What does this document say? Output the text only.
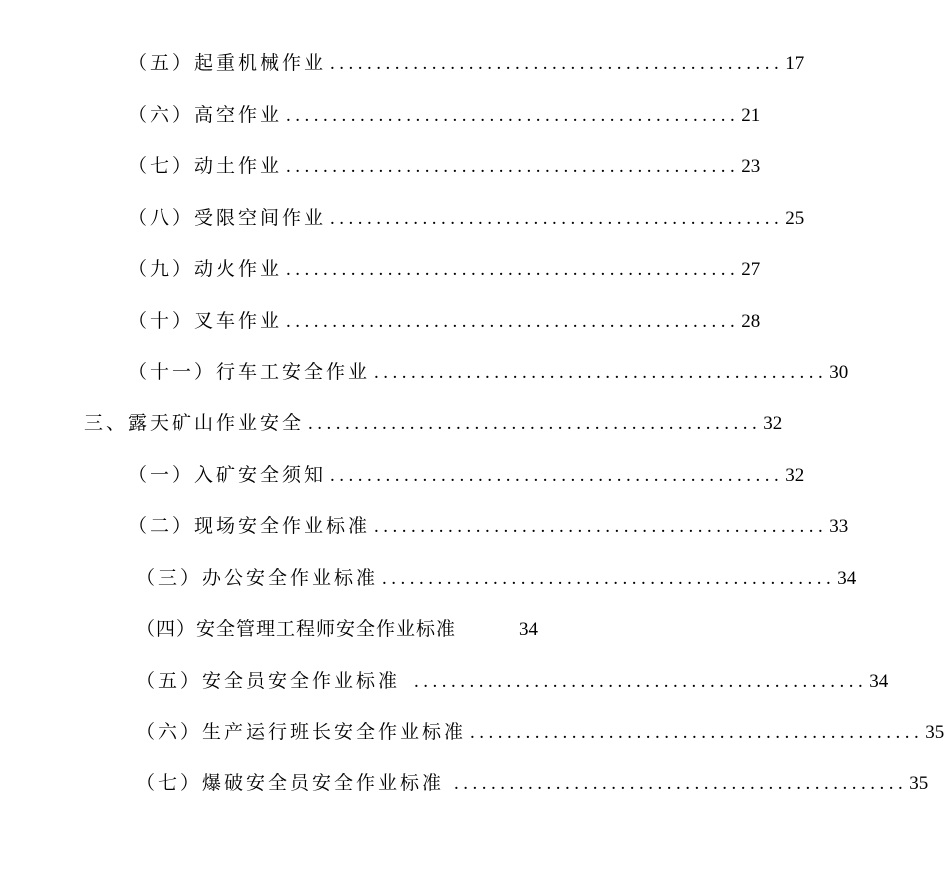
（五） 起重机械作业 ................................................. 17
（六） 高空作业 ................................................. 21
（七） 动土作业 ................................................. 23
（八） 受限空间作业 ................................................. 25
（九） 动火作业 ................................................. 27
（十） 叉车作业 ................................................. 28
（十一） 行车工安全作业 ................................................. 30
三、 露天矿山作业安全 ................................................. 32
（一） 入矿安全须知 ................................................. 32
（二） 现场安全作业标准 ................................................. 33
（三） 办公安全作业标准 ................................................. 34
（四） 安全管理工程师安全作业标准	34
（五） 安全员安全作业标准 ................................................. 34
（六） 生产运行班长安全作业标准 ................................................. 35
（七） 爆破安全员安全作业标准 ................................................. 35
